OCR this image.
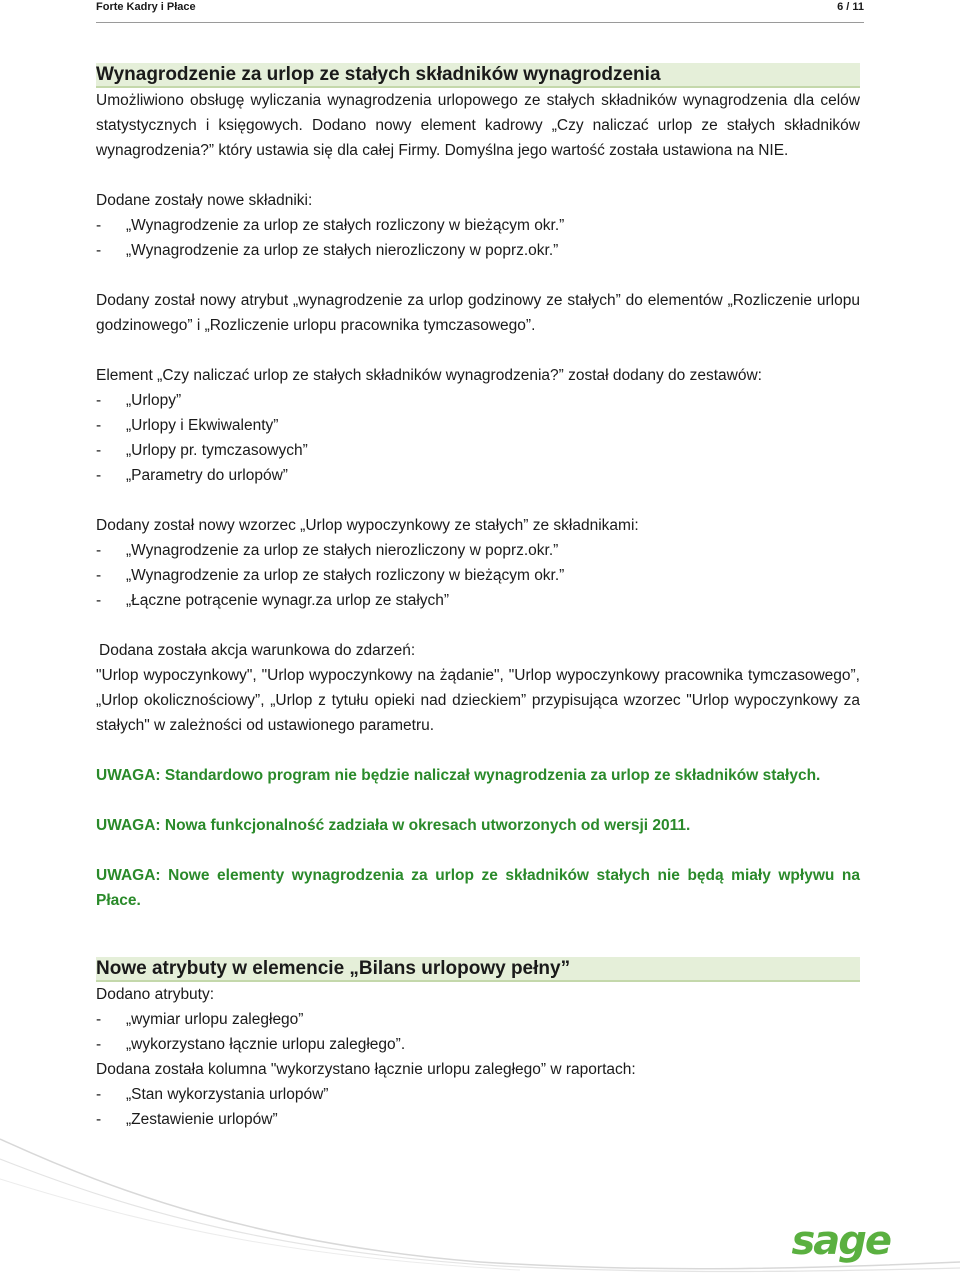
Forte Kadry i Płace	6 / 11
Wynagrodzenie za urlop ze stałych składników wynagrodzenia

Umożliwiono obsługę wyliczania wynagrodzenia urlopowego ze stałych składników wynagrodzenia dla celów statystycznych i księgowych. Dodano nowy element kadrowy „Czy naliczać urlop ze stałych składników wynagrodzenia?” który ustawia się dla całej Firmy. Domyślna jego wartość została ustawiona na NIE.

Dodane zostały nowe składniki:

-	„Wynagrodzenie za urlop ze stałych rozliczony w bieżącym okr.”
-	„Wynagrodzenie za urlop ze stałych nierozliczony w poprz.okr.”

Dodany został nowy atrybut „wynagrodzenie za urlop godzinowy ze stałych” do elementów „Rozliczenie urlopu godzinowego” i „Rozliczenie urlopu pracownika tymczasowego”.

Element „Czy naliczać urlop ze stałych składników wynagrodzenia?” został dodany do zestawów:

-	„Urlopy”
-	„Urlopy i Ekwiwalenty”
-	„Urlopy pr. tymczasowych”
-	„Parametry do urlopów”

Dodany został nowy wzorzec „Urlop wypoczynkowy ze stałych” ze składnikami:

-	„Wynagrodzenie za urlop ze stałych nierozliczony w poprz.okr.”
-	„Wynagrodzenie za urlop ze stałych rozliczony w bieżącym okr.”
-	„Łączne potrącenie wynagr.za urlop ze stałych”

Dodana została akcja warunkowa do zdarzeń:

"Urlop wypoczynkowy", "Urlop wypoczynkowy na żądanie", "Urlop wypoczynkowy pracownika tymczasowego”, „Urlop okolicznościowy”, „Urlop z tytułu opieki nad dzieckiem” przypisująca wzorzec "Urlop wypoczynkowy za stałych" w zależności od ustawionego parametru.

UWAGA: Standardowo program nie będzie naliczał wynagrodzenia za urlop ze składników stałych.

UWAGA: Nowa funkcjonalność zadziała w okresach utworzonych od wersji 2011.

UWAGA: Nowe elementy wynagrodzenia za urlop ze składników stałych nie będą miały wpływu na Płace.

Nowe atrybuty w elemencie „Bilans urlopowy pełny”

Dodano atrybuty:

-	„wymiar urlopu zaległego”
-	„wykorzystano łącznie urlopu zaległego”.

Dodana została kolumna "wykorzystano łącznie urlopu zaległego” w raportach:

-	„Stan wykorzystania urlopów”
-	„Zestawienie urlopów”
sage
